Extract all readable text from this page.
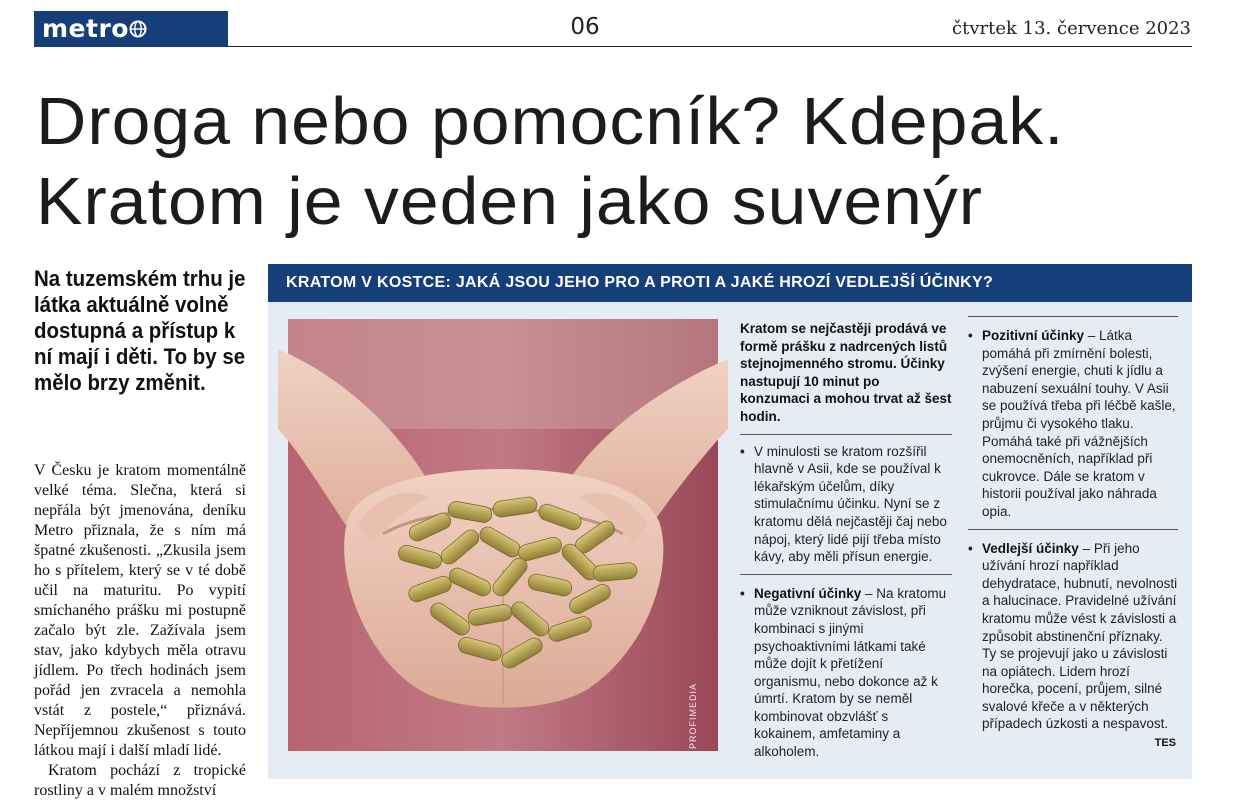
metro	06	čtvrtek 13. července 2023
Droga nebo pomocník? Kdepak.
Kratom je veden jako suvenýr
Na tuzemském trhu je látka aktuálně volně dostupná a přístup k ní mají i děti. To by se mělo brzy změnit.

V Česku je kratom momentálně velké téma. Slečna, která si nepřála být jmenována, deníku Metro přiznala, že s ním má špatné zkušenosti. „Zkusila jsem ho s přítelem, který se v té době učil na maturitu. Po vypití smíchaného prášku mi postupně začalo být zle. Zažívala jsem stav, jako kdybych měla otravu jídlem. Po třech hodinách jsem pořád jen zvracela a nemohla vstát z postele,“ přiznává. Nepříjemnou zkušenost s touto látkou mají i další mladí lidé.

Kratom pochází z tropické rostliny a v malém množství

KRATOM V KOSTCE: JAKÁ JSOU JEHO PRO A PROTI A JAKÉ HROZÍ VEDLEJŠÍ ÚČINKY?
PROFIMEDIA
Kratom se nejčastěji prodává ve formě prášku z nadrcených listů stejnojmenného stromu. Účinky nastupují 10 minut po konzumaci a mohou trvat až šest hodin.
• V minulosti se kratom rozšířil hlavně v Asii, kde se používal k lékařským účelům, díky stimulačnímu účinku. Nyní se z kratomu dělá nejčastěji čaj nebo nápoj, který lidé pijí třeba místo kávy, aby měli přísun energie.
• Negativní účinky – Na kratomu může vzniknout závislost, při kombinaci s jinými psychoaktivními látkami také může dojít k přetížení organismu, nebo dokonce až k úmrtí. Kratom by se neměl kombinovat obzvlášť s kokainem, amfetaminy a alkoholem.
• Pozitivní účinky – Látka pomáhá při zmírnění bolesti, zvýšení energie, chuti k jídlu a nabuzení sexuální touhy. V Asii se používá třeba při léčbě kašle, průjmu či vysokého tlaku. Pomáhá také při vážnějších onemocněních, například při cukrovce. Dále se kratom v historii používal jako náhrada opia.
• Vedlejší účinky – Při jeho užívání hrozí například dehydratace, hubnutí, nevolnosti a halucinace. Pravidelné užívání kratomu může vést k závislosti a způsobit abstinenční příznaky. Ty se projevují jako u závislosti na opiátech. Lidem hrozí horečka, pocení, průjem, silné svalové křeče a v některých případech úzkosti a nespavost.
TES
